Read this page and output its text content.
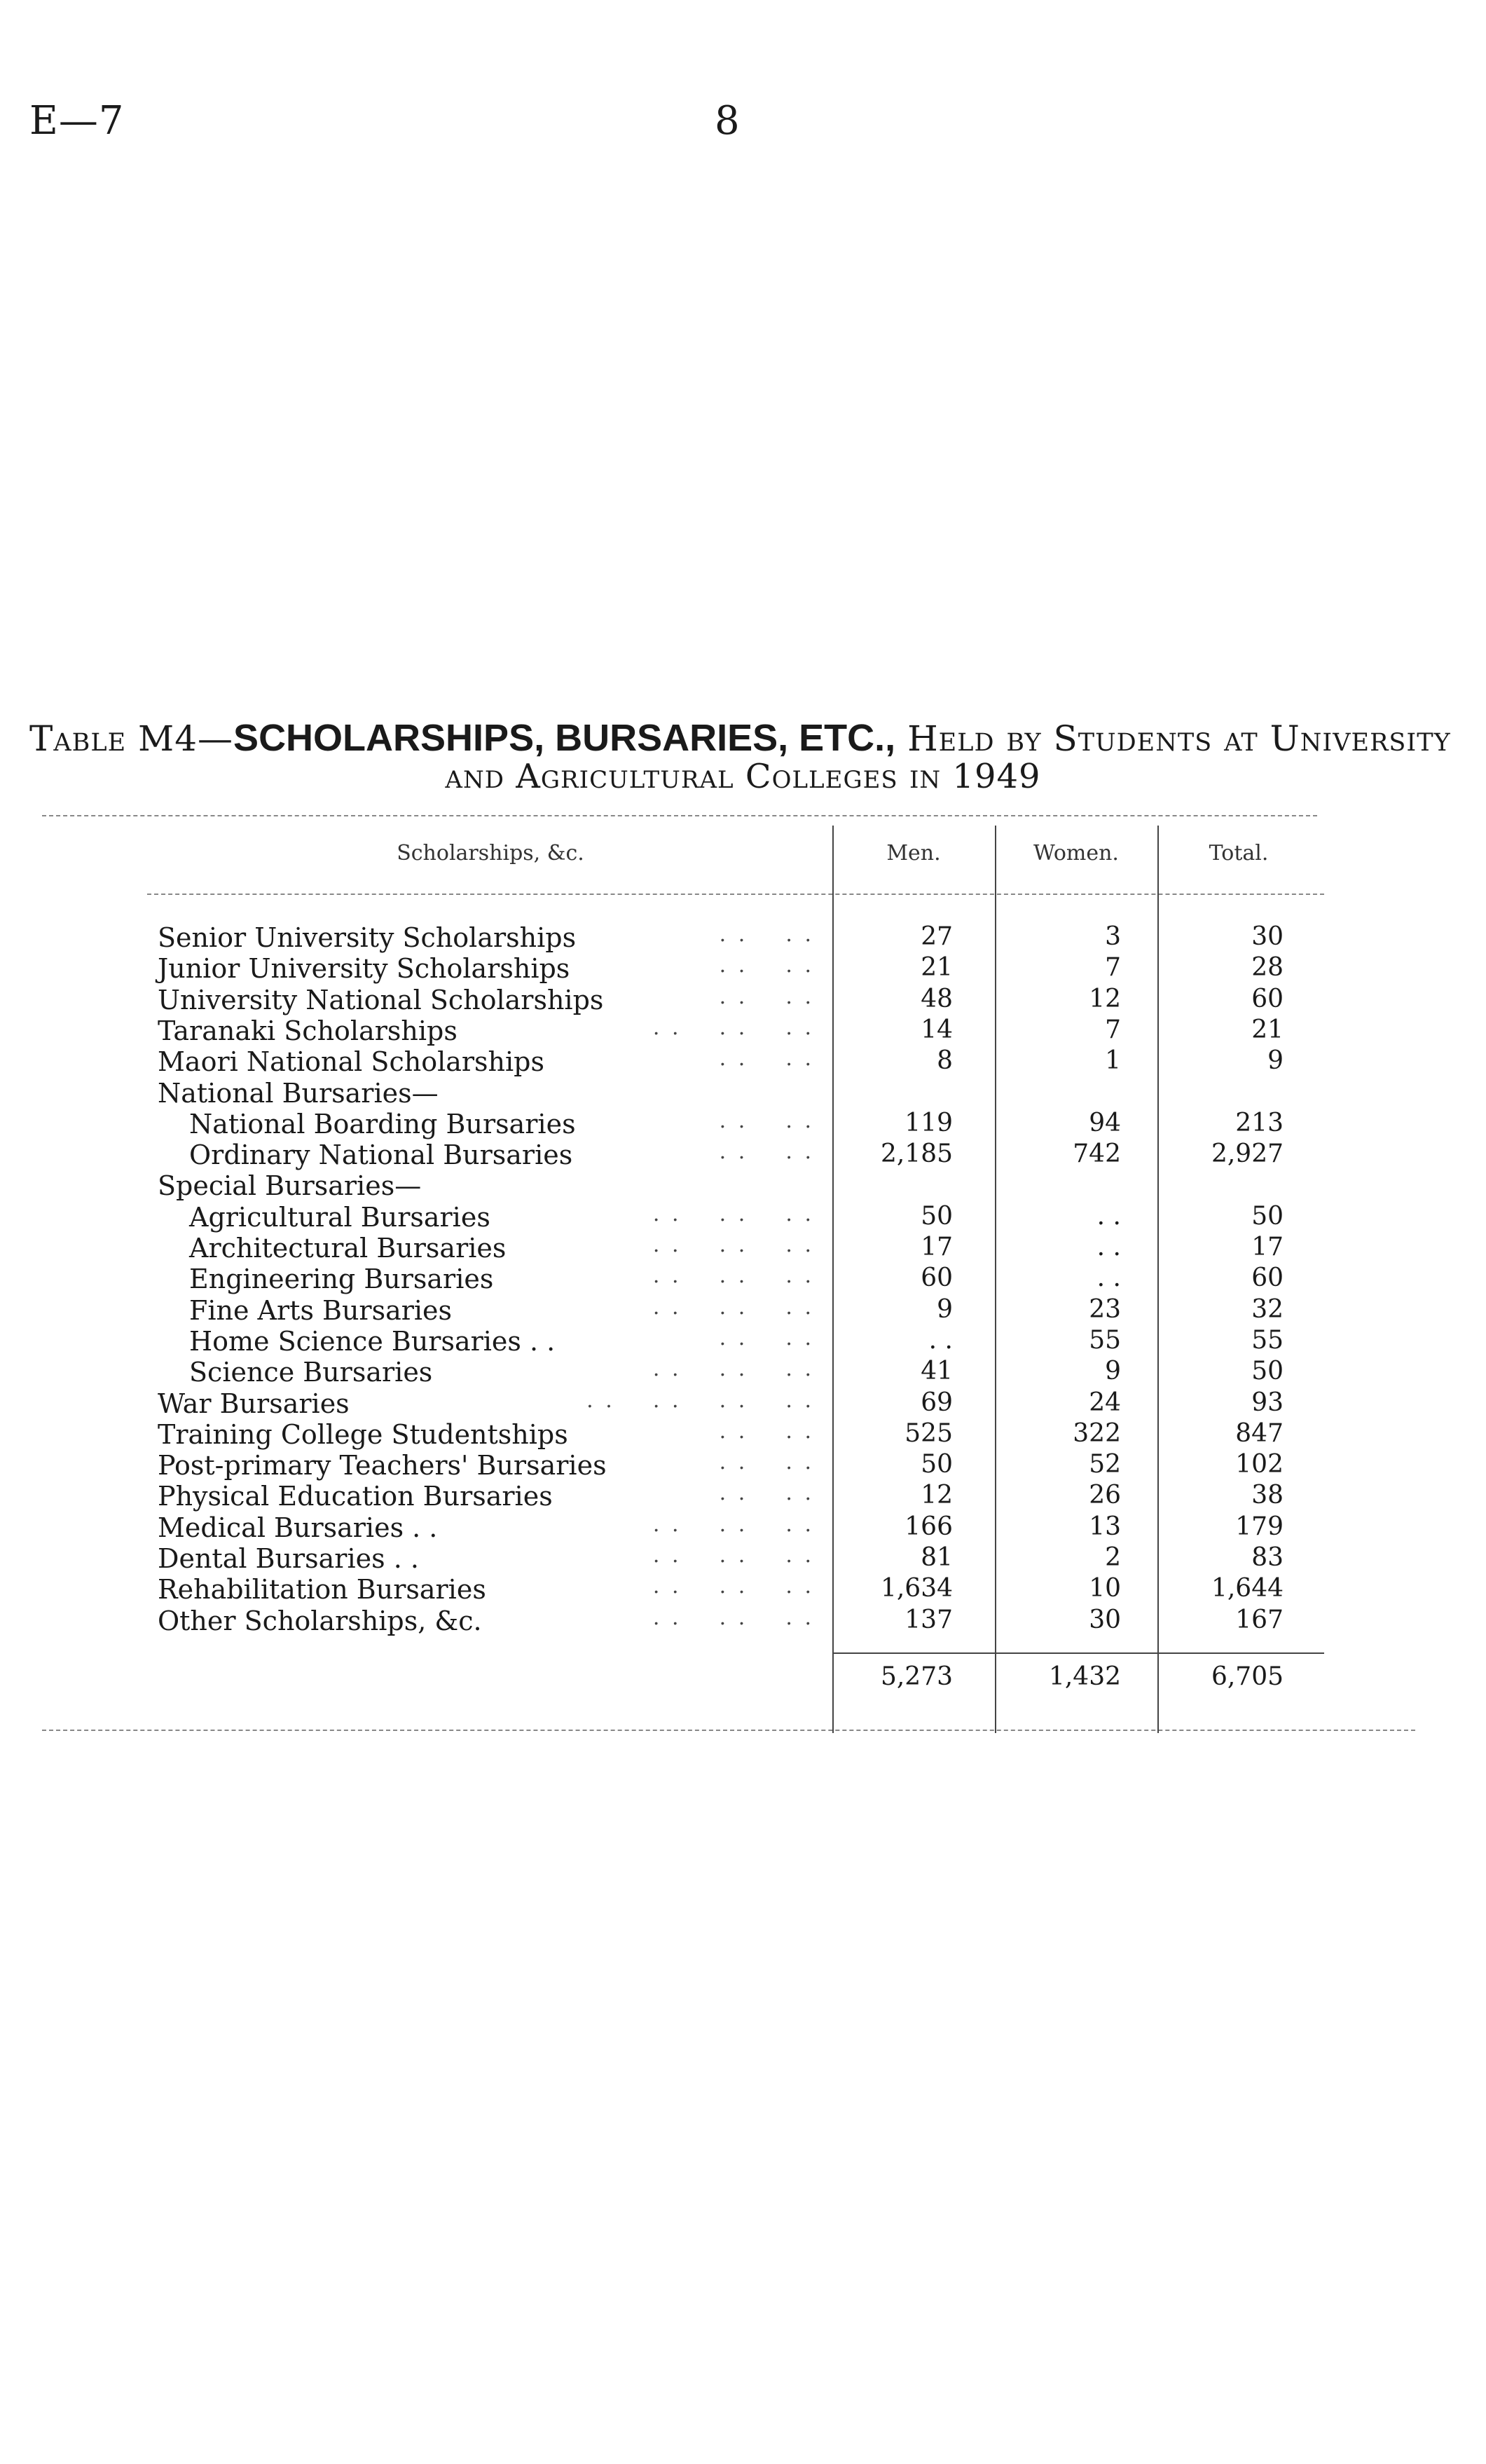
E—7	8
Table M4—SCHOLARSHIPS, BURSARIES, ETC., Held by Students at University
and Agricultural Colleges in 1949
Scholarships, &c.	Men.	Women.	Total.
Senior University Scholarships	. .    . .	27	3	30
Junior University Scholarships	. .    . .	21	7	28
University National Scholarships	. .    . .	48	12	60
Taranaki Scholarships	. .    . .    . .	14	7	21
Maori National Scholarships	. .    . .	8	1	9
National Bursaries—
National Boarding Bursaries	. .    . .	119	94	213
Ordinary National Bursaries	. .    . .	2,185	742	2,927
Special Bursaries—
Agricultural Bursaries	. .    . .    . .	50	. .	50
Architectural Bursaries	. .    . .    . .	17	. .	17
Engineering Bursaries	. .    . .    . .	60	. .	60
Fine Arts Bursaries	. .    . .    . .	9	23	32
Home Science Bursaries . .	. .    . .	. .	55	55
Science Bursaries	. .    . .    . .	41	9	50
War Bursaries	. .    . .    . .    . .	69	24	93
Training College Studentships	. .    . .	525	322	847
Post-primary Teachers' Bursaries	. .    . .	50	52	102
Physical Education Bursaries	. .    . .	12	26	38
Medical Bursaries . .	. .    . .    . .	166	13	179
Dental Bursaries . .	. .    . .    . .	81	2	83
Rehabilitation Bursaries	. .    . .    . .	1,634	10	1,644
Other Scholarships, &c.	. .    . .    . .	137	30	167
5,273	1,432	6,705
